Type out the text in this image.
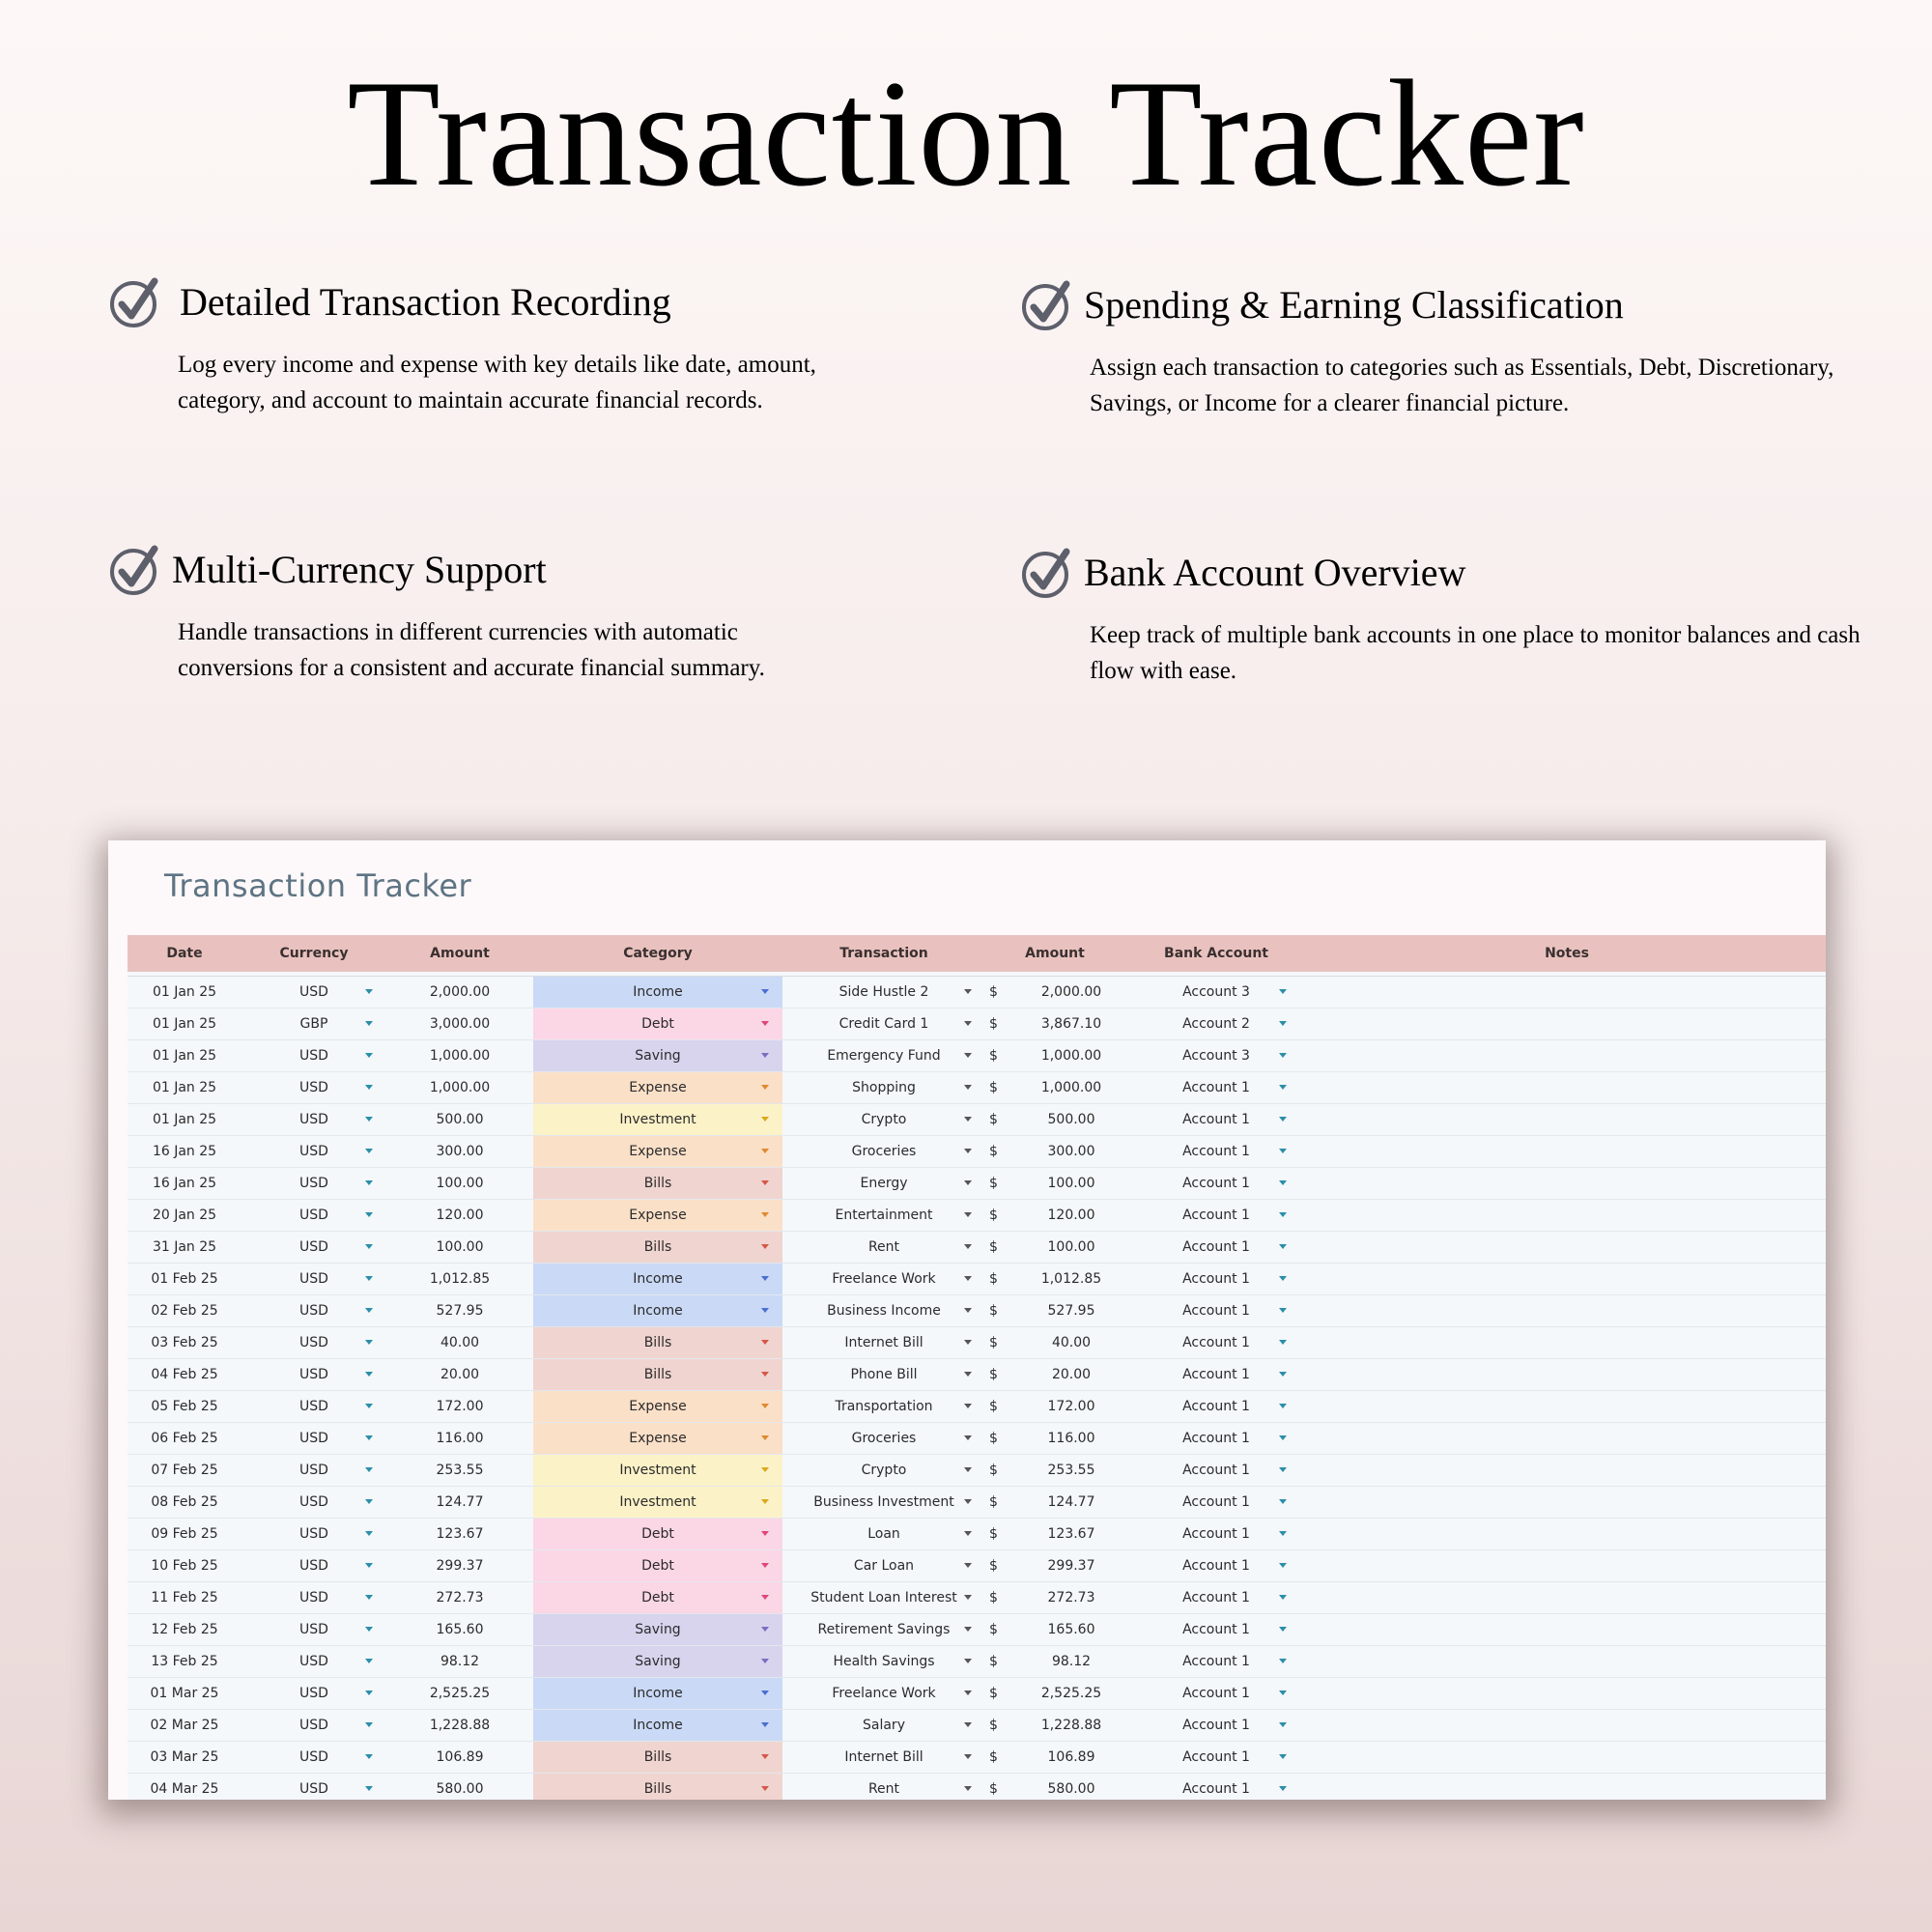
Transaction Tracker
Detailed Transaction Recording

Log every income and expense with key details like date, amount, category, and account to maintain accurate financial records.

Spending & Earning Classification

Assign each transaction to categories such as Essentials, Debt, Discretionary, Savings, or Income for a clearer financial picture.

Multi-Currency Support

Handle transactions in different currencies with automatic conversions for a consistent and accurate financial summary.

Bank Account Overview

Keep track of multiple bank accounts in one place to monitor balances and cash flow with ease.

Transaction Tracker
Date	Currency	Amount	Category	Transaction	Amount		Bank Account	Notes

01 Jan 25	USD	2,000.00	Income	Side Hustle 2	$	2,000.00	Account 3

01 Jan 25	GBP	3,000.00	Debt	Credit Card 1	$	3,867.10	Account 2

01 Jan 25	USD	1,000.00	Saving	Emergency Fund	$	1,000.00	Account 3

01 Jan 25	USD	1,000.00	Expense	Shopping	$	1,000.00	Account 1

01 Jan 25	USD	500.00	Investment	Crypto	$	500.00	Account 1

16 Jan 25	USD	300.00	Expense	Groceries	$	300.00	Account 1

16 Jan 25	USD	100.00	Bills	Energy	$	100.00	Account 1

20 Jan 25	USD	120.00	Expense	Entertainment	$	120.00	Account 1

31 Jan 25	USD	100.00	Bills	Rent	$	100.00	Account 1

01 Feb 25	USD	1,012.85	Income	Freelance Work	$	1,012.85	Account 1

02 Feb 25	USD	527.95	Income	Business Income	$	527.95	Account 1

03 Feb 25	USD	40.00	Bills	Internet Bill	$	40.00	Account 1

04 Feb 25	USD	20.00	Bills	Phone Bill	$	20.00	Account 1

05 Feb 25	USD	172.00	Expense	Transportation	$	172.00	Account 1

06 Feb 25	USD	116.00	Expense	Groceries	$	116.00	Account 1

07 Feb 25	USD	253.55	Investment	Crypto	$	253.55	Account 1

08 Feb 25	USD	124.77	Investment	Business Investment	$	124.77	Account 1

09 Feb 25	USD	123.67	Debt	Loan	$	123.67	Account 1

10 Feb 25	USD	299.37	Debt	Car Loan	$	299.37	Account 1

11 Feb 25	USD	272.73	Debt	Student Loan Interest	$	272.73	Account 1

12 Feb 25	USD	165.60	Saving	Retirement Savings	$	165.60	Account 1

13 Feb 25	USD	98.12	Saving	Health Savings	$	98.12	Account 1

01 Mar 25	USD	2,525.25	Income	Freelance Work	$	2,525.25	Account 1

02 Mar 25	USD	1,228.88	Income	Salary	$	1,228.88	Account 1

03 Mar 25	USD	106.89	Bills	Internet Bill	$	106.89	Account 1

04 Mar 25	USD	580.00	Bills	Rent	$	580.00	Account 1
